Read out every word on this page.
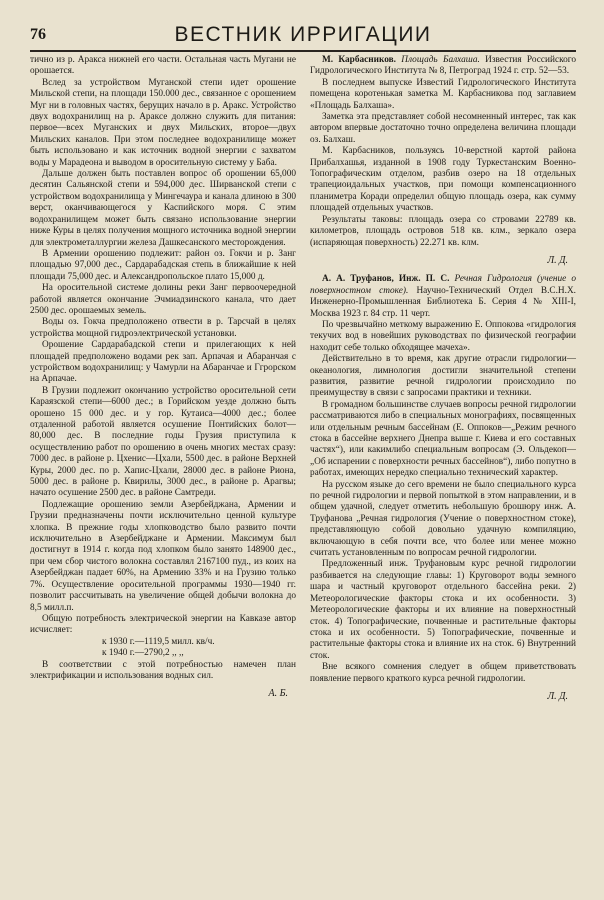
76	ВЕСТНИК ИРРИГАЦИИ

тично из р. Аракса нижней его части. Остальная часть Мугани не орошается.

Вслед за устройством Муганской степи идет орошение Мильской степи, на площади 150.000 дес., связанное с орошением Муг ни в головных частях, берущих начало в р. Аракс. Устройство двух водохранилищ на р. Араксе должно служить для питания: первое—всех Муганских и двух Мильских, второе—двух Мильских каналов. При этом последнее водохранилище может быть использовано и как источник водной энергии с захватом воды у Марадеона и выводом в оросительную систему у Баба.

Дальше должен быть поставлен вопрос об орошении 65,000 десятин Сальянской степи и 594,000 дес. Ширванской степи с устройством водохранилища у Мингечаура и канала длиною в 300 верст, оканчивающегося у Каспийского моря. С этим водохранилищем может быть связано использование энергии ниже Куры в целях получения мощного источника водной энергии для электрометаллургии железа Дашкесанского месторождения.

В Армении орошению подлежит: район оз. Гокчи и р. Занг площадью 97,000 дес., Сардарабадская степь в ближайшие к ней площади 75,000 дес. и Александропольское плато 15,000 д.

На оросительной системе долины реки Занг первоочередной работой является окончание Эчмиадзинского канала, что дает 2500 дес. орошаемых земель.

Воды оз. Гокча предположено отвести в р. Тарсчай в целях устройства мощной гидроэлектрической установки.

Орошение Сардарабадской степи и прилегающих к ней площадей предположено водами рек зап. Арпачая и Абаранчая с устройством водохранилищ: у Чамурли на Абаранчае и Ггрорском на Арпачае.

В Грузии подлежит окончанию устройство оросительной сети Караязской степи—6000 дес.; в Горийском уезде должно быть орошено 15 000 дес. и у гор. Кутаиса—4000 дес.; более отдаленной работой является осушение Понтийских болот—80,000 дес. В последние годы Грузия приступила к осуществлению работ по орошению в очень многих местах сразу: 7000 дес. в районе р. Цхенис—Цхали, 5500 дес. в районе Верхней Куры, 2000 дес. по р. Хапис-Цхали, 28000 дес. в районе Риона, 5000 дес. в районе р. Квирилы, 3000 дес., в районе р. Арагвы; начато осушение 2500 дес. в районе Самтреди.

Подлежащие орошению земли Азербейджана, Армении и Грузии предназначены почти исключительно ценной культуре хлопка. В прежние годы хлопководство было развито почти исключительно в Азербейджане и Армении. Максимум был достигнут в 1914 г. когда под хлопком было занято 148900 дес., при чем сбор чистого волокна составлял 2167100 пуд., из коих на Азербейджан падает 60%, на Армению 33% и на Грузию только 7%. Осуществление оросительной программы 1930—1940 гг. позволит рассчитывать на увеличение общей добычи волокна до 8,5 милл.п.

Общую потребность электрической энергии на Кавказе автор исчисляет:

к 1930 г.—1119,5 милл. кв/ч.

к 1940 г.—2790,2 ,, ,,

В соответствии с этой потребностью намечен план электрификации и использования водных сил.

А. Б.

М. Карбасников. Площадь Балхаша. Известия Российского Гидрологического Института № 8, Петроград 1924 г. стр. 52—53.

В последнем выпуске Известий Гидрологического Института помещена коротенькая заметка М. Карбасникова под заглавием «Площадь Балхаша».

Заметка эта представляет собой несомненный интерес, так как автором впервые достаточно точно определена величина площади оз. Балхаш.

М. Карбасников, пользуясь 10-верстной картой района Прибалхашья, изданной в 1908 году Туркестанским Военно-Топографическим отделом, разбив озеро на 18 отдельных трапециоидальных участков, при помощи компенсационного планиметра Коради определил общую площадь озера, как сумму площадей отдельных участков.

Результаты таковы: площадь озера со стровами 22789 кв. километров, площадь островов 518 кв. клм., зеркало озера (испаряющая поверхность) 22.271 кв. клм.

Л. Д.

А. А. Труфанов, Инж. П. С. Речная Гидрология (учение о поверхностном стоке). Научно-Технический Отдел В.С.Н.Х. Инженерно-Промышленная Библиотека Б. Серия 4 № XIII-I, Москва 1923 г. 84 стр. 11 черт.

По чрезвычайно меткому выражению Е. Оппокова «гидрология текучих вод в новейших руководствах по физической географии находит себе только обходящее мачеха».

Действительно в то время, как другие отрасли гидрологии—океанология, лимнология достигли значительной степени развития, развитие речной гидрологии происходило по преимуществу в связи с запросами практики и техники.

В громадном большинстве случаев вопросы речной гидрологии рассматриваются либо в специальных монографиях, посвященных или отдельным речным бассейнам (Е. Оппоков—„Режим речного стока в бассейне верхнего Днепра выше г. Киева и его составных частях“), или какимлибо специальным вопросам (Э. Ольдекоп—„Об испарении с поверхности речных бассейнов“), либо попутно в работах, имеющих нередко специально технический характер.

На русском языке до сего времени не было специального курса по речной гидрологии и первой попыткой в этом направлении, и в общем удачной, следует отметить небольшую брошюру инж. А. Труфанова „Речная гидрология (Учение о поверхностном стоке), представляющую собой довольно удачную компиляцию, включающую в себя почти все, что более или менее можно считать установленным по вопросам речной гидрологии.

Предложенный инж. Труфановым курс речной гидрологии разбивается на следующие главы: 1) Круговорот воды земного шара и частный круговорот отдельного бассейна реки. 2) Метеорологические факторы стока и их особенности. 3) Метеорологические факторы и их влияние на поверхностный сток. 4) Топографические, почвенные и растительные факторы стока и их особенности. 5) Топографические, почвенные и растительные факторы стока и влияние их на сток. 6) Внутренний сток.

Вне всякого сомнения следует в общем приветствовать появление первого краткого курса речной гидрологии.

Л. Д.
